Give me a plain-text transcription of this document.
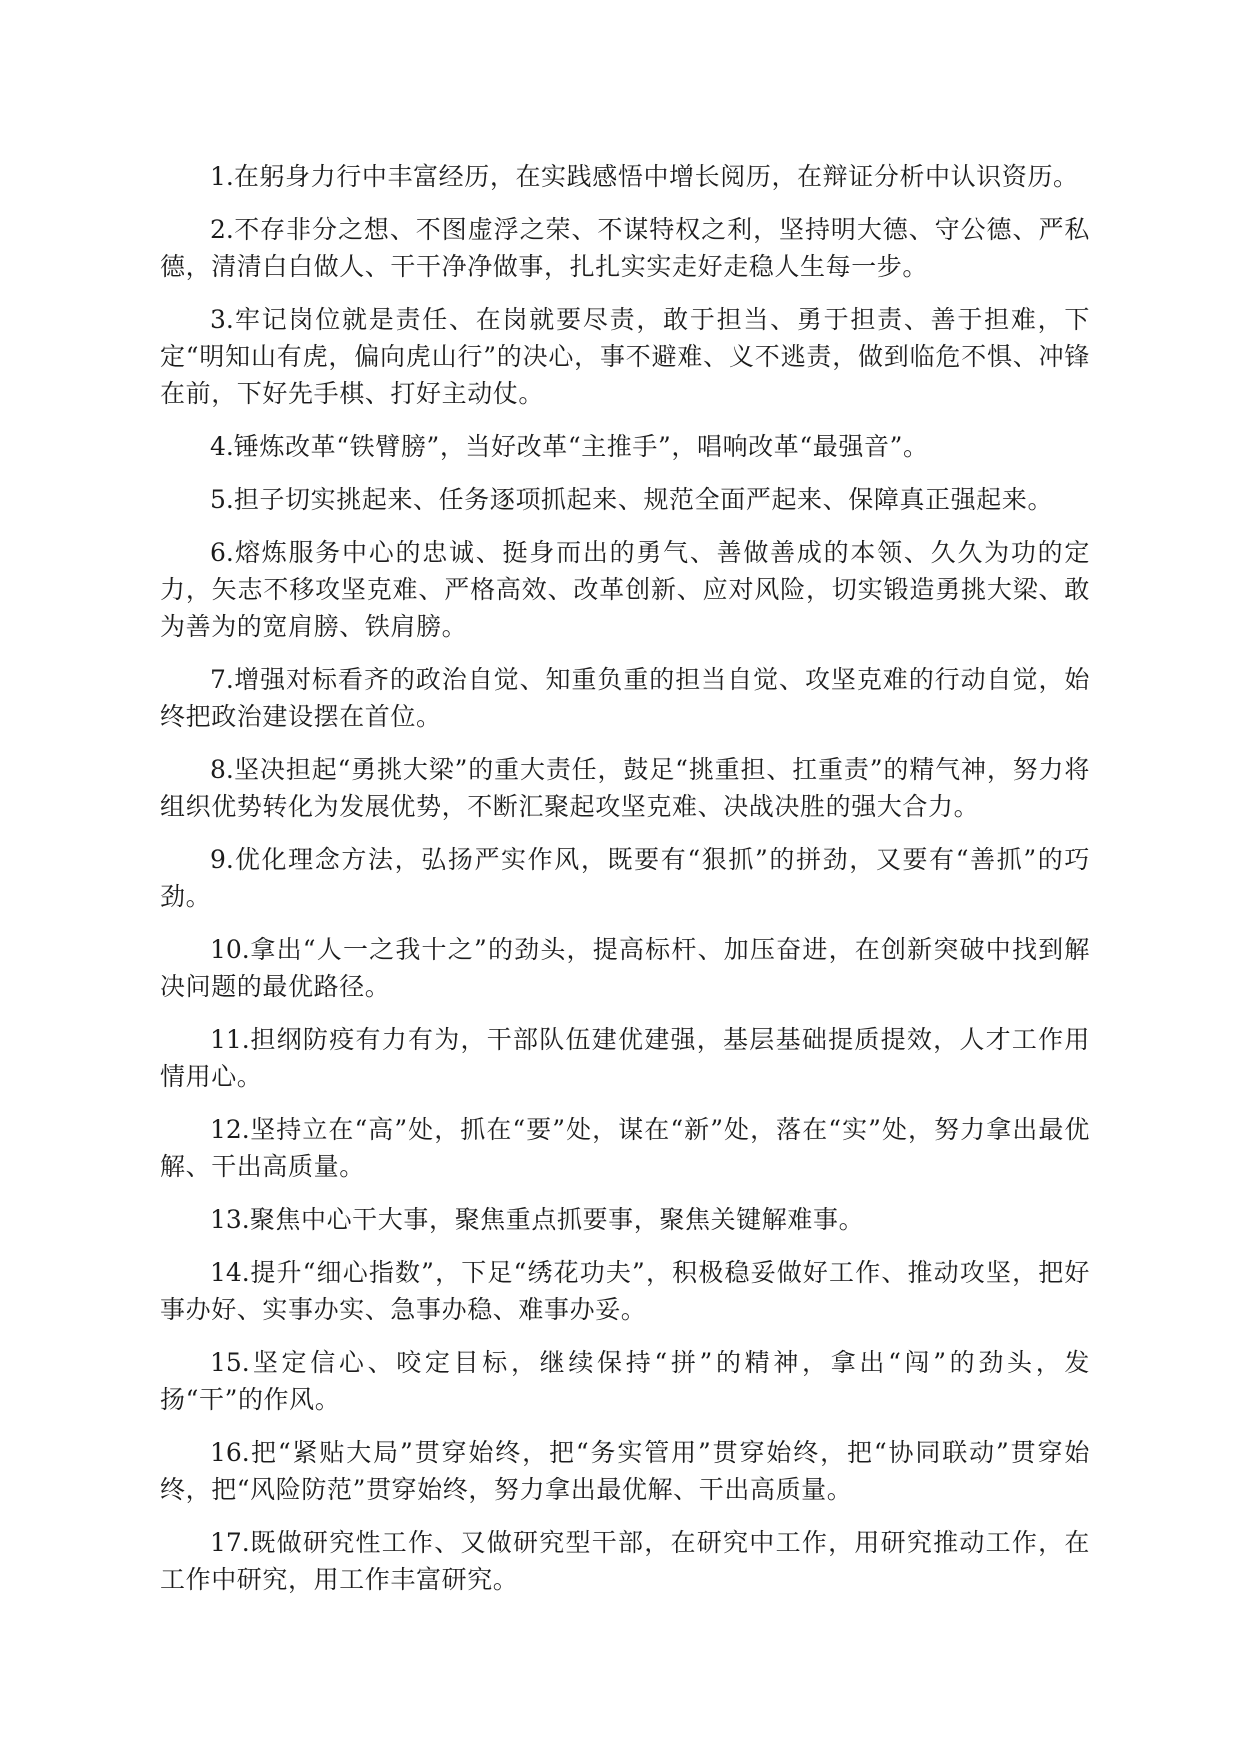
1.在躬身力行中丰富经历，在实践感悟中增长阅历，在辩证分析中认识资历。

2.不存非分之想、不图虚浮之荣、不谋特权之利，坚持明大德、守公德、严私德，清清白白做人、干干净净做事，扎扎实实走好走稳人生每一步。

3.牢记岗位就是责任、在岗就要尽责，敢于担当、勇于担责、善于担难，下定“明知山有虎，偏向虎山行”的决心，事不避难、义不逃责，做到临危不惧、冲锋在前，下好先手棋、打好主动仗。

4.锤炼改革“铁臂膀”，当好改革“主推手”，唱响改革“最强音”。

5.担子切实挑起来、任务逐项抓起来、规范全面严起来、保障真正强起来。

6.熔炼服务中心的忠诚、挺身而出的勇气、善做善成的本领、久久为功的定力，矢志不移攻坚克难、严格高效、改革创新、应对风险，切实锻造勇挑大梁、敢为善为的宽肩膀、铁肩膀。

7.增强对标看齐的政治自觉、知重负重的担当自觉、攻坚克难的行动自觉，始终把政治建设摆在首位。

8.坚决担起“勇挑大梁”的重大责任，鼓足“挑重担、扛重责”的精气神，努力将组织优势转化为发展优势，不断汇聚起攻坚克难、决战决胜的强大合力。

9.优化理念方法，弘扬严实作风，既要有“狠抓”的拼劲，又要有“善抓”的巧劲。

10.拿出“人一之我十之”的劲头，提高标杆、加压奋进，在创新突破中找到解决问题的最优路径。

11.担纲防疫有力有为，干部队伍建优建强，基层基础提质提效，人才工作用情用心。

12.坚持立在“高”处，抓在“要”处，谋在“新”处，落在“实”处，努力拿出最优解、干出高质量。

13.聚焦中心干大事，聚焦重点抓要事，聚焦关键解难事。

14.提升“细心指数”，下足“绣花功夫”，积极稳妥做好工作、推动攻坚，把好事办好、实事办实、急事办稳、难事办妥。

15.坚定信心、咬定目标，继续保持“拼”的精神，拿出“闯”的劲头，发扬“干”的作风。

16.把“紧贴大局”贯穿始终，把“务实管用”贯穿始终，把“协同联动”贯穿始终，把“风险防范”贯穿始终，努力拿出最优解、干出高质量。

17.既做研究性工作、又做研究型干部，在研究中工作，用研究推动工作，在工作中研究，用工作丰富研究。
